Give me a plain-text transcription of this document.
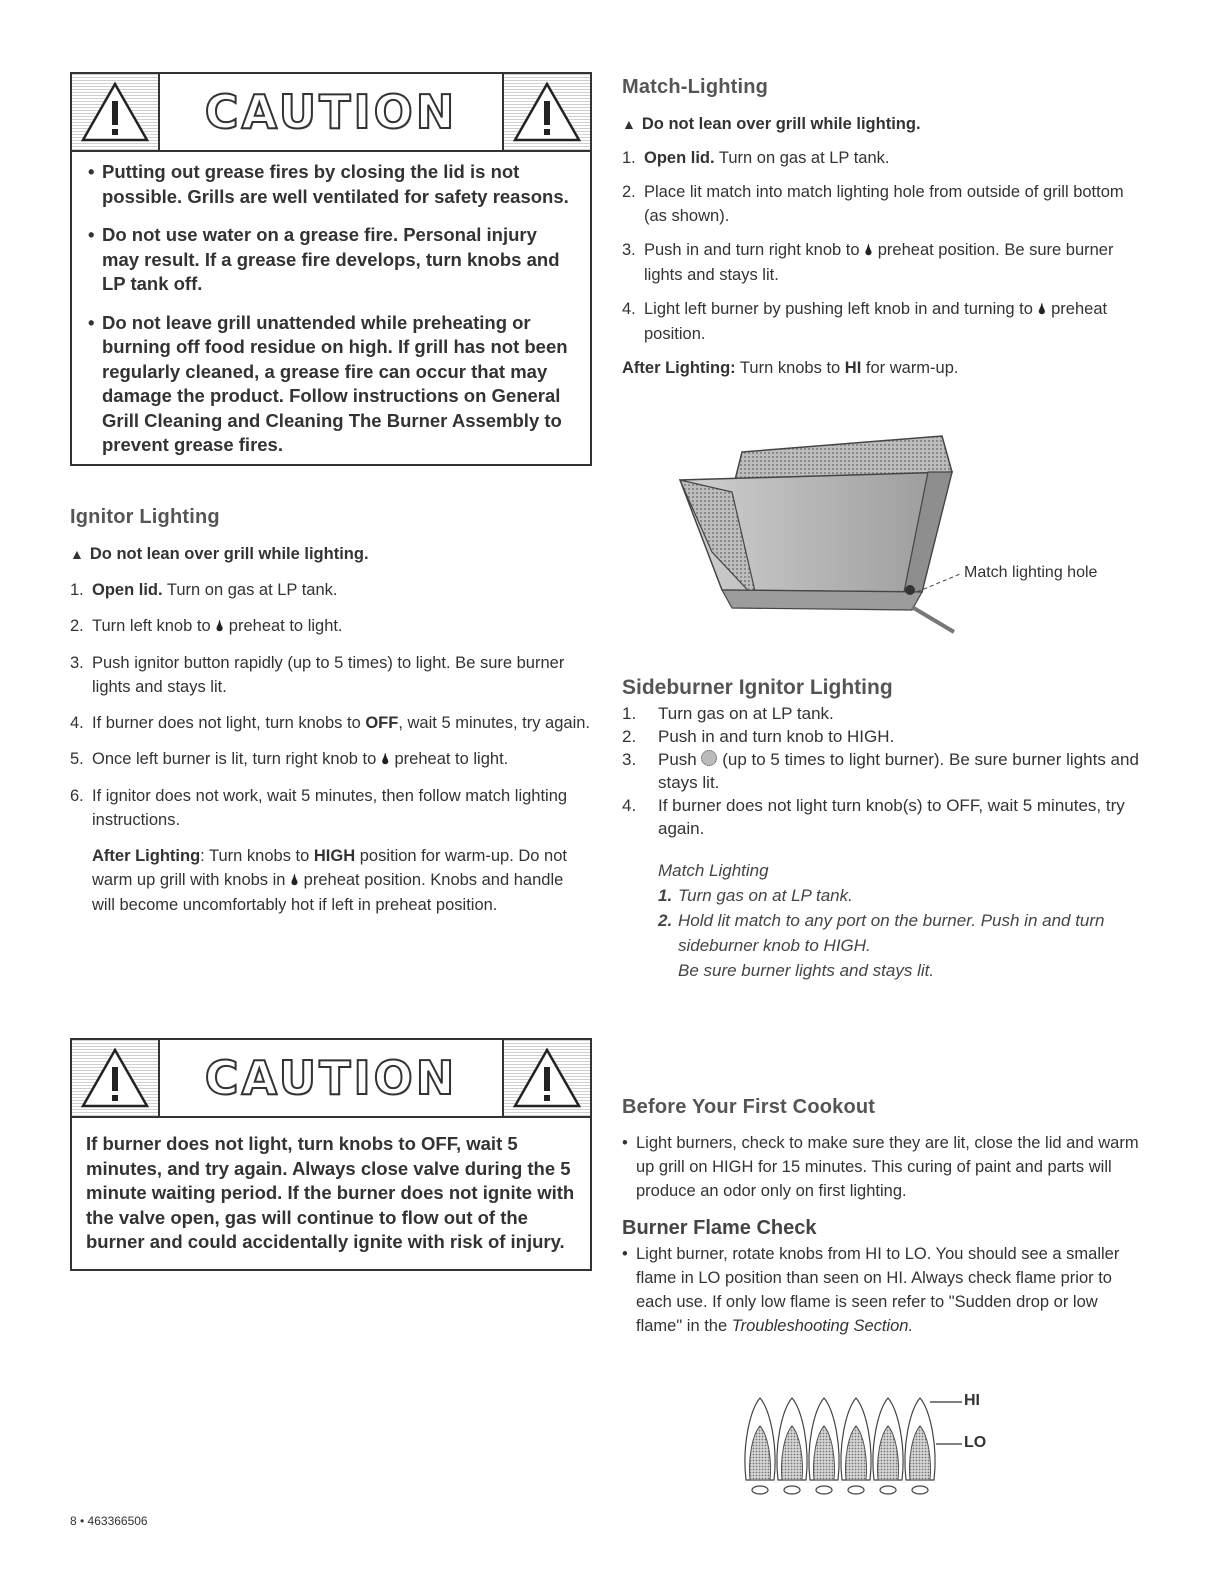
CAUTION
• Putting out grease fires by closing the lid is not possible. Grills are well ventilated for safety reasons.
• Do not use water on a grease fire. Personal injury may result. If a grease fire develops, turn knobs and LP tank off.
• Do not leave grill unattended while preheating or burning off food residue on high. If grill has not been regularly cleaned, a grease fire can occur that may damage the product. Follow instructions on General Grill Cleaning and Cleaning The Burner Assembly to prevent grease fires.

Ignitor Lighting

▲ Do not lean over grill while lighting.

1. Open lid. Turn on gas at LP tank.
2. Turn left knob to 🌢 preheat to light.
3. Push ignitor button rapidly (up to 5 times) to light. Be sure burner lights and stays lit.
4. If burner does not light, turn knobs to OFF, wait 5 minutes, try again.
5. Once left burner is lit, turn right knob to 🌢 preheat to light.
6. If ignitor does not work, wait 5 minutes, then follow match lighting instructions.

After Lighting: Turn knobs to HIGH position for warm-up. Do not warm up grill with knobs in 🌢 preheat position. Knobs and handle will become uncomfortably hot if left in preheat position.

CAUTION

If burner does not light, turn knobs to OFF, wait 5 minutes, and try again. Always close valve during the 5 minute waiting period. If the burner does not ignite with the valve open, gas will continue to flow out of the burner and could accidentally ignite with risk of injury.

Match-Lighting

▲ Do not lean over grill while lighting.

1. Open lid. Turn on gas at LP tank.
2. Place lit match into match lighting hole from outside of grill bottom (as shown).
3. Push in and turn right knob to 🌢 preheat position. Be sure burner lights and stays lit.
4. Light left burner by pushing left knob in and turning to 🌢 preheat position.

After Lighting: Turn knobs to HI for warm-up.

Match lighting hole

Sideburner Ignitor Lighting

1. Turn gas on at LP tank.
2. Push in and turn knob to HIGH.
3. Push  (up to 5 times to light burner). Be sure burner lights and stays lit.
4. If burner does not light turn knob(s) to OFF, wait 5 minutes, try again.
Match Lighting
1. Turn gas on at LP tank.
2. Hold lit match to any port on the burner. Push in and turn sideburner knob to HIGH.
Be sure burner lights and stays lit.

Before Your First Cookout

• Light burners, check to make sure they are lit, close the lid and warm up grill on HIGH for 15 minutes. This curing of paint and parts will produce an odor only on first lighting.

Burner Flame Check

• Light burner, rotate knobs from HI to LO. You should see a smaller flame in LO position than seen on HI. Always check flame prior to each use. If only low flame is seen refer to "Sudden drop or low flame" in the Troubleshooting Section.

HI
LO
8 • 463366506
